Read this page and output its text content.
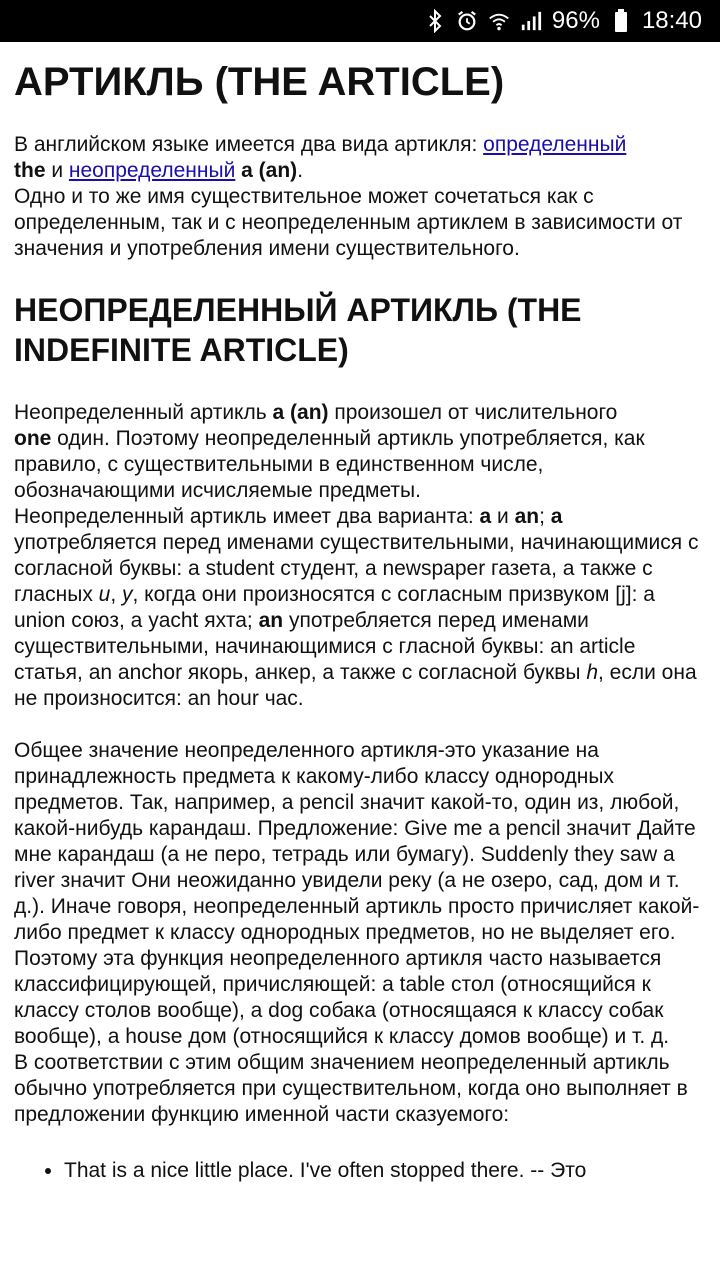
96% 18:40
АРТИКЛЬ (THE ARTICLE)

В английском языке имеется два вида артикля: определенный
the и неопределенный a (an).

Одно и то же имя существительное может сочетаться как с определенным, так и с неопределенным артиклем в зависимости от значения и употребления имени существительного.

НЕОПРЕДЕЛЕННЫЙ АРТИКЛЬ (THE INDEFINITE ARTICLE)

Неопределенный артикль a (an) произошел от числительного
one один. Поэтому неопределенный артикль употребляется, как правило, с существительными в единственном числе, обозначающими исчисляемые предметы.

Неопределенный артикль имеет два варианта: a и an; a употребляется перед именами существительными, начинающимися с согласной буквы: a student студент, a newspaper газета, а также с гласных u, y, когда они произносятся с согласным призвуком [j]: a union союз, a yacht яхта; an употребляется перед именами существительными, начинающимися с гласной буквы: an article статья, an anchor якорь, анкер, а также с согласной буквы h, если она не произносится: an hour час.

Общее значение неопределенного артикля-это указание на принадлежность предмета к какому-либо классу однородных предметов. Так, например, a pencil значит какой-то, один из, любой, какой-нибудь карандаш. Предложение: Give me a pencil значит Дайте мне карандаш (а не перо, тетрадь или бумагу). Suddenly they saw a river значит Они неожиданно увидели реку (а не озеро, сад, дом и т. д.). Иначе говоря, неопределенный артикль просто причисляет какой-либо предмет к классу однородных предметов, но не выделяет его. Поэтому эта функция неопределенного артикля часто называется классифицирующей, причисляющей: a table стол (относящийся к классу столов вообще), a dog собака (относящаяся к классу собак вообще), a house дом (относящийся к классу домов вообще) и т. д.

В соответствии с этим общим значением неопределенный артикль обычно употребляется при существительном, когда оно выполняет в предложении функцию именной части сказуемого:

• That is a nice little place. I've often stopped there. -- Это
